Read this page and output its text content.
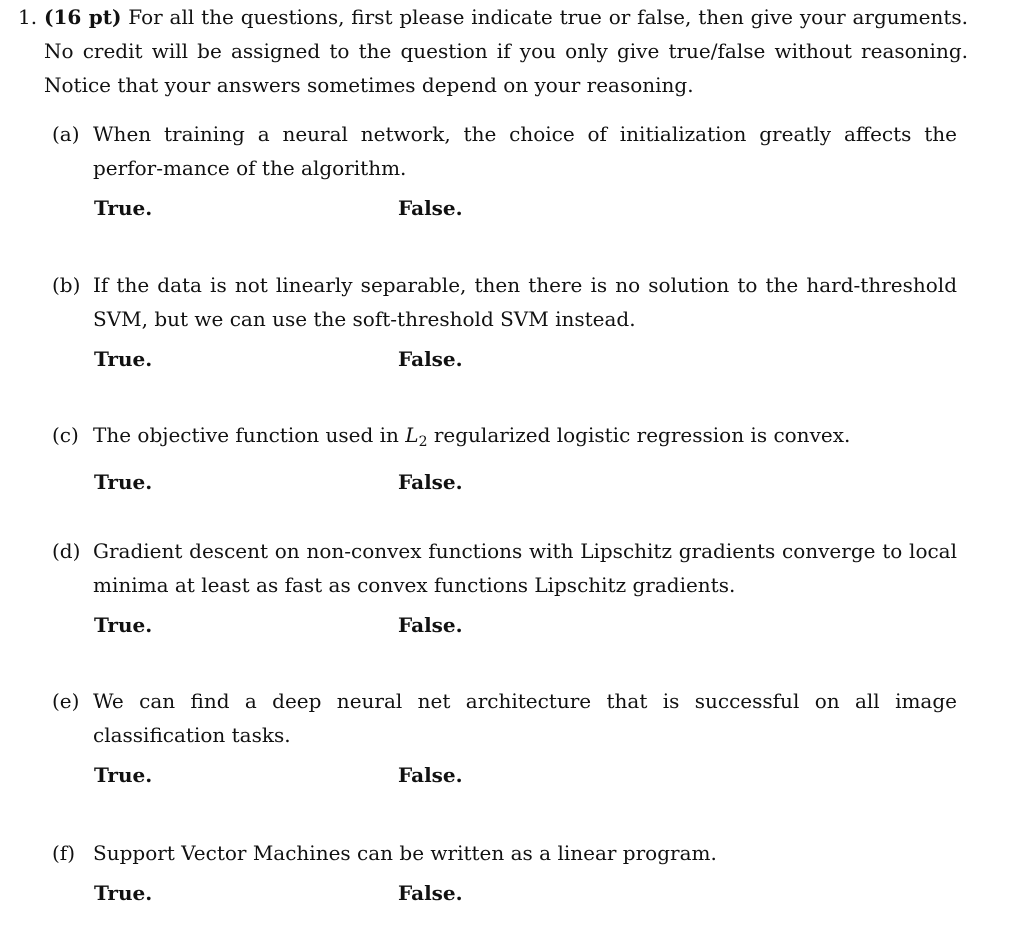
1. (16 pt) For all the questions, first please indicate true or false, then give your arguments. No credit will be assigned to the question if you only give true/false without reasoning. Notice that your answers sometimes depend on your reasoning.
(a) When training a neural network, the choice of initialization greatly affects the perfor-mance of the algorithm.
True.	False.
(b) If the data is not linearly separable, then there is no solution to the hard-threshold SVM, but we can use the soft-threshold SVM instead.
True.	False.
(c) The objective function used in $L_2$ regularized logistic regression is convex.
True.	False.
(d) Gradient descent on non-convex functions with Lipschitz gradients converge to local minima at least as fast as convex functions Lipschitz gradients.
True.	False.
(e) We can find a deep neural net architecture that is successful on all image classification tasks.
True.	False.
(f) Support Vector Machines can be written as a linear program.
True.	False.
